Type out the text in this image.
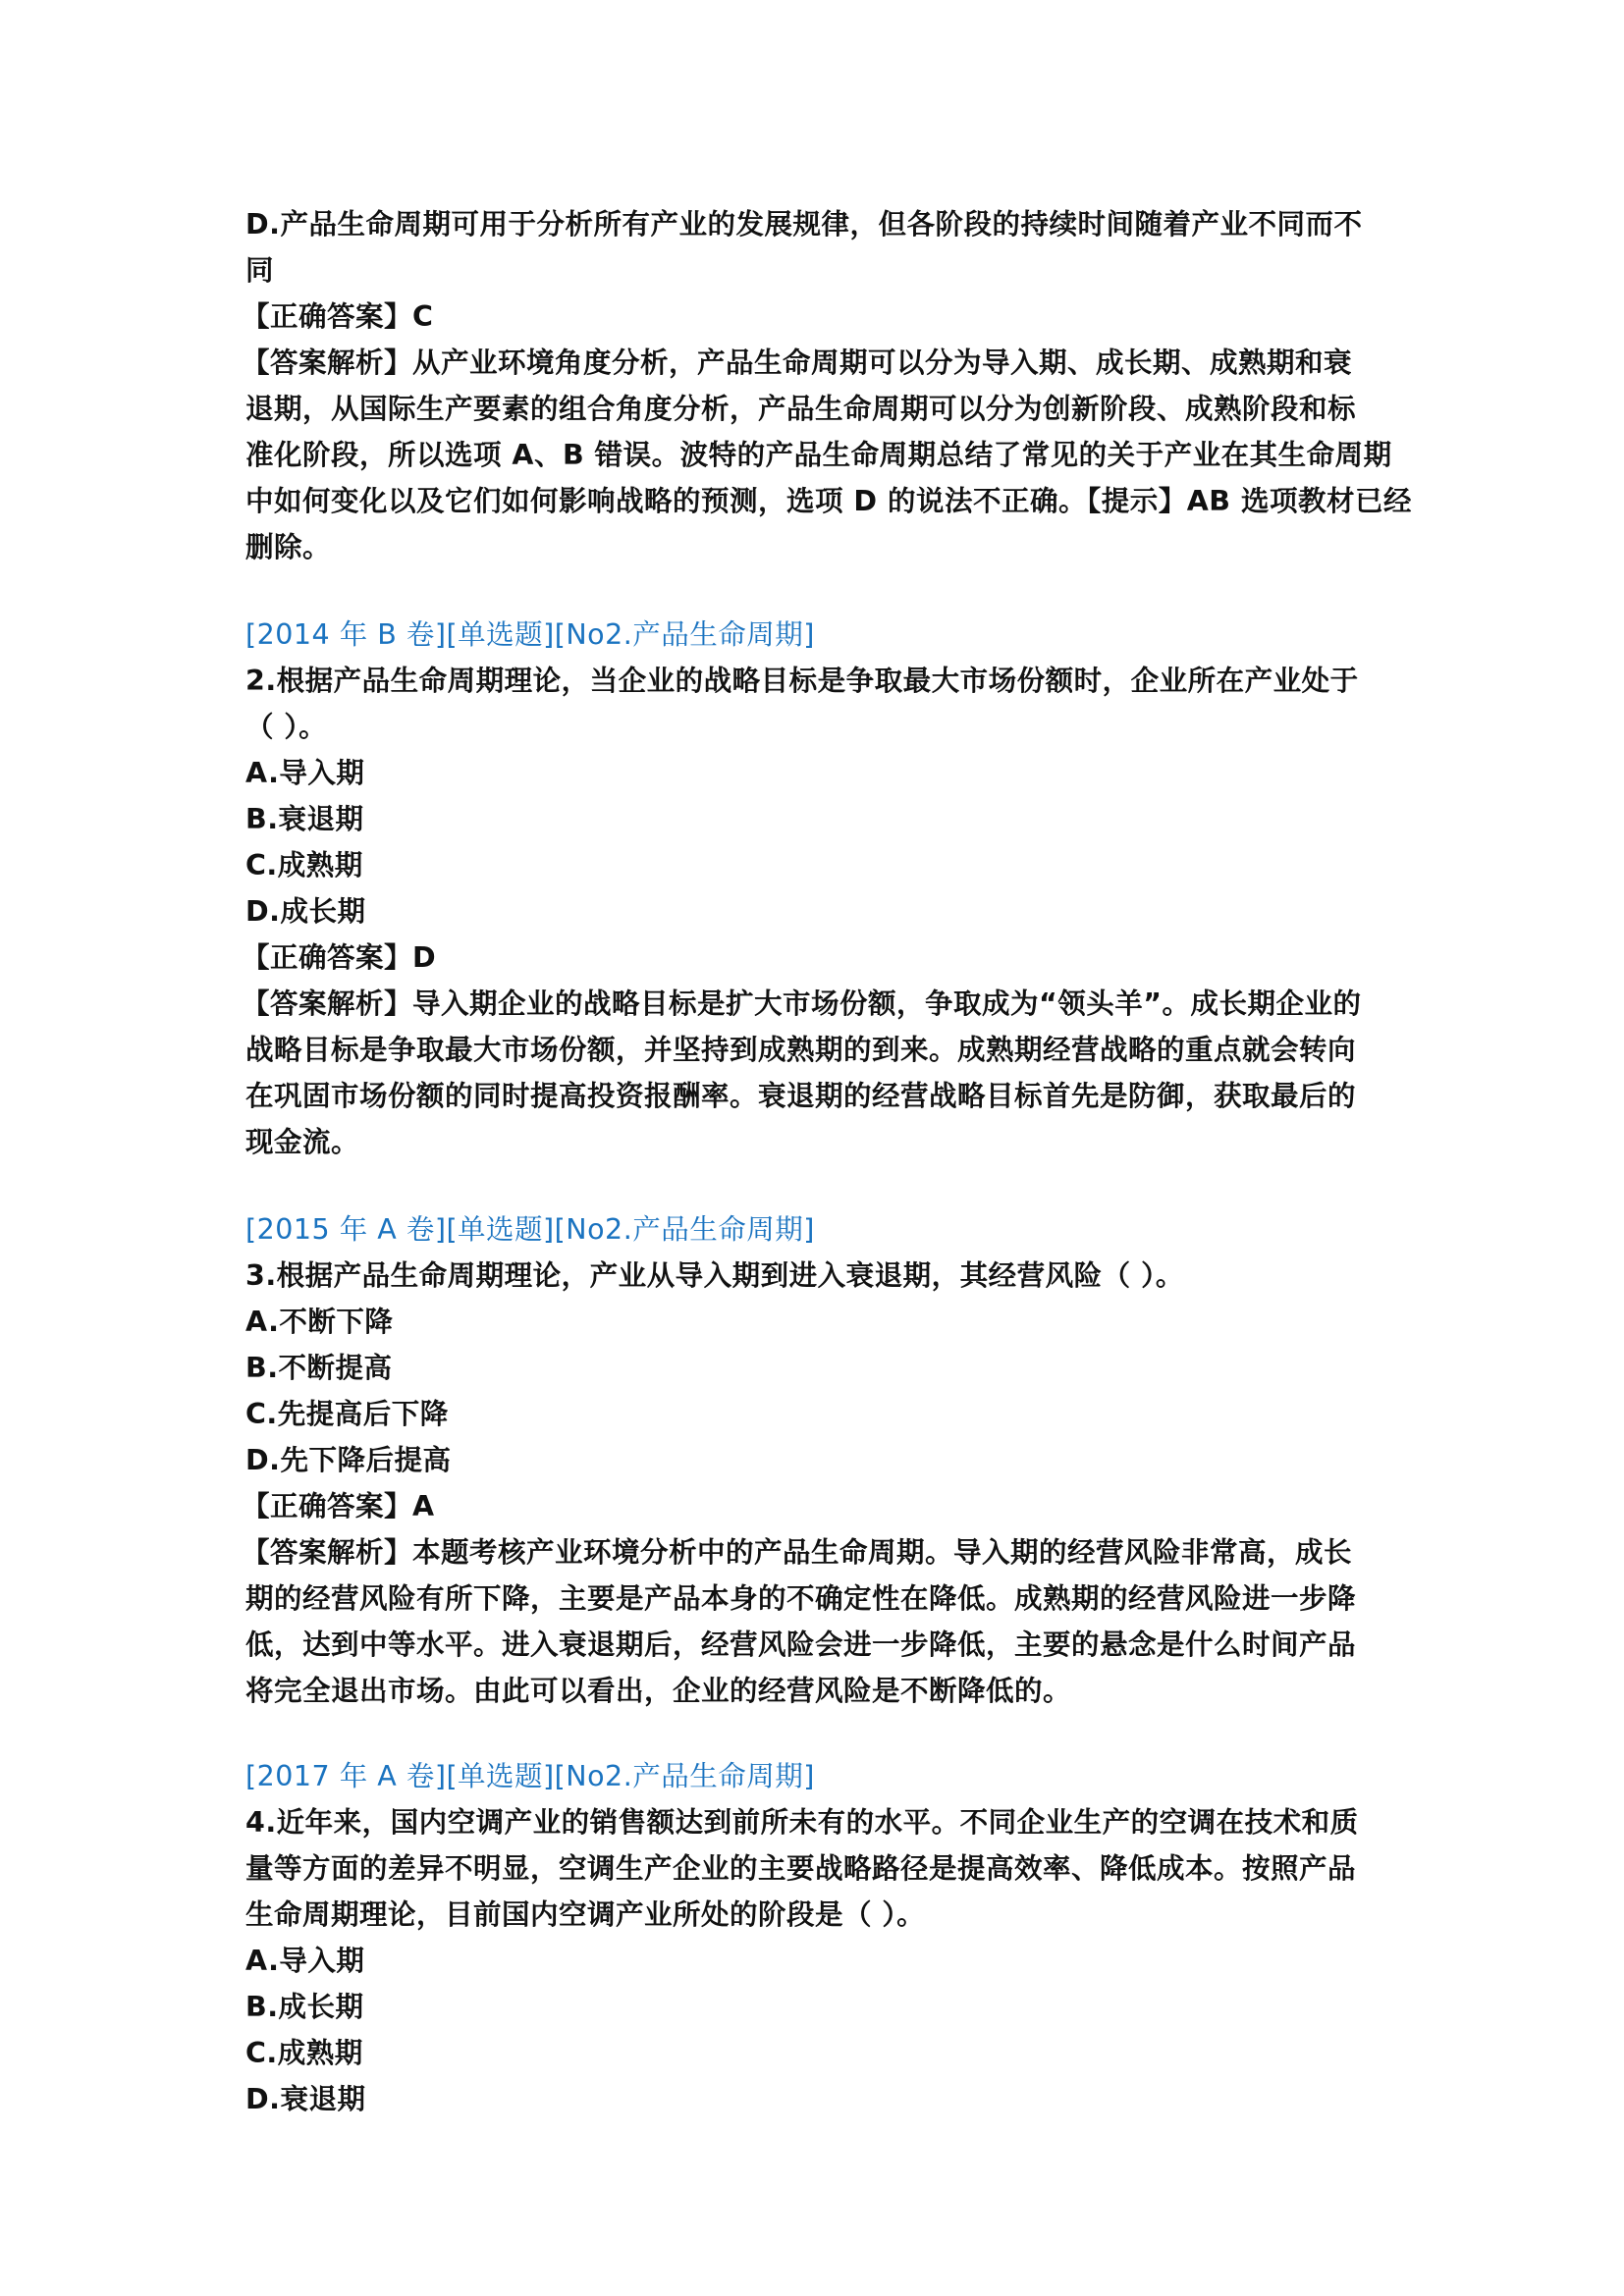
D.产品生命周期可用于分析所有产业的发展规律，但各阶段的持续时间随着产业不同而不
同
【正确答案】C
【答案解析】从产业环境角度分析，产品生命周期可以分为导入期、成长期、成熟期和衰
退期，从国际生产要素的组合角度分析，产品生命周期可以分为创新阶段、成熟阶段和标
准化阶段，所以选项 A、B 错误。波特的产品生命周期总结了常见的关于产业在其生命周期
中如何变化以及它们如何影响战略的预测，选项 D 的说法不正确。【提示】AB 选项教材已经
删除。
[2014 年 B 卷][单选题][No2.产品生命周期]
2.根据产品生命周期理论，当企业的战略目标是争取最大市场份额时，企业所在产业处于
（ ）。
A.导入期
B.衰退期
C.成熟期
D.成长期
【正确答案】D
【答案解析】导入期企业的战略目标是扩大市场份额，争取成为“领头羊”。成长期企业的
战略目标是争取最大市场份额，并坚持到成熟期的到来。成熟期经营战略的重点就会转向
在巩固市场份额的同时提高投资报酬率。衰退期的经营战略目标首先是防御，获取最后的
现金流。
[2015 年 A 卷][单选题][No2.产品生命周期]
3.根据产品生命周期理论，产业从导入期到进入衰退期，其经营风险（ ）。
A.不断下降
B.不断提高
C.先提高后下降
D.先下降后提高
【正确答案】A
【答案解析】本题考核产业环境分析中的产品生命周期。导入期的经营风险非常高，成长
期的经营风险有所下降，主要是产品本身的不确定性在降低。成熟期的经营风险进一步降
低，达到中等水平。进入衰退期后，经营风险会进一步降低，主要的悬念是什么时间产品
将完全退出市场。由此可以看出，企业的经营风险是不断降低的。
[2017 年 A 卷][单选题][No2.产品生命周期]
4.近年来，国内空调产业的销售额达到前所未有的水平。不同企业生产的空调在技术和质
量等方面的差异不明显，空调生产企业的主要战略路径是提高效率、降低成本。按照产品
生命周期理论，目前国内空调产业所处的阶段是（ ）。
A.导入期
B.成长期
C.成熟期
D.衰退期
